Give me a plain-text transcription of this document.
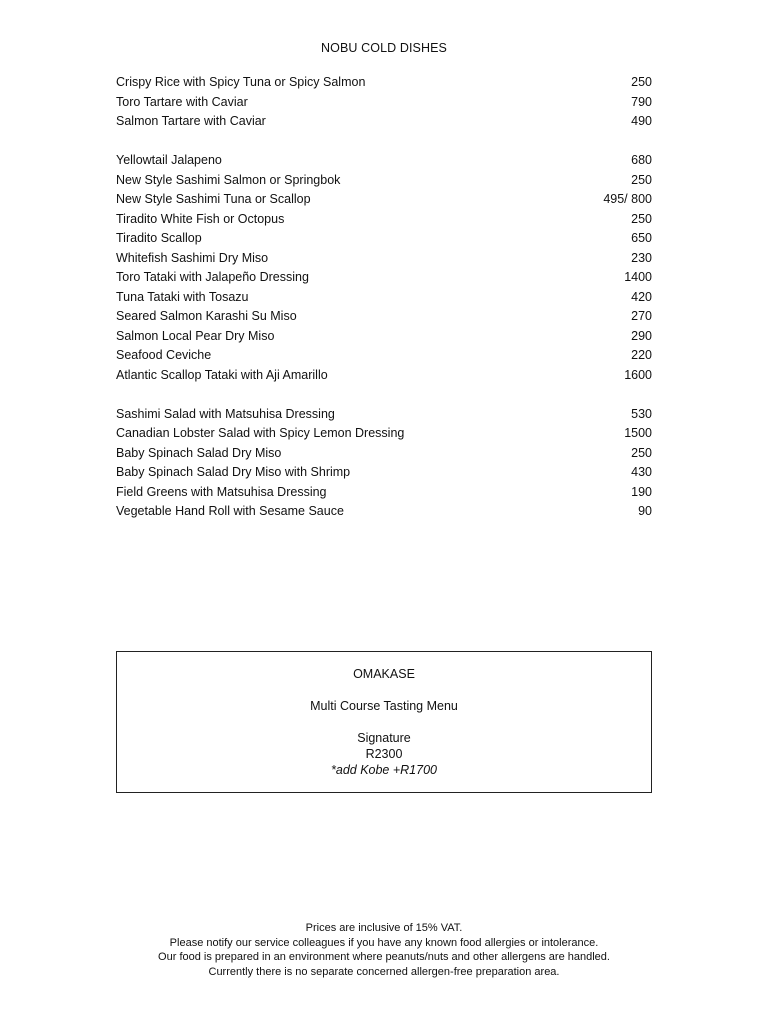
NOBU COLD DISHES
Crispy Rice with Spicy Tuna or Spicy Salmon	250
Toro Tartare with Caviar	790
Salmon Tartare with Caviar	490
Yellowtail Jalapeno	680
New Style Sashimi Salmon or Springbok	250
New Style Sashimi Tuna or Scallop	495/ 800
Tiradito White Fish or Octopus	250
Tiradito Scallop	650
Whitefish Sashimi Dry Miso	230
Toro Tataki with Jalapeño Dressing	1400
Tuna Tataki with Tosazu	420
Seared Salmon Karashi Su Miso	270
Salmon Local Pear Dry Miso	290
Seafood Ceviche	220
Atlantic Scallop Tataki with Aji Amarillo	1600
Sashimi Salad with Matsuhisa Dressing	530
Canadian Lobster Salad with Spicy Lemon Dressing	1500
Baby Spinach Salad Dry Miso	250
Baby Spinach Salad Dry Miso with Shrimp	430
Field Greens with Matsuhisa Dressing	190
Vegetable Hand Roll with Sesame Sauce	90
OMAKASE
Multi Course Tasting Menu
Signature
R2300
*add Kobe +R1700
Prices are inclusive of 15% VAT.
Please notify our service colleagues if you have any known food allergies or intolerance.
Our food is prepared in an environment where peanuts/nuts and other allergens are handled.
Currently there is no separate concerned allergen-free preparation area.
